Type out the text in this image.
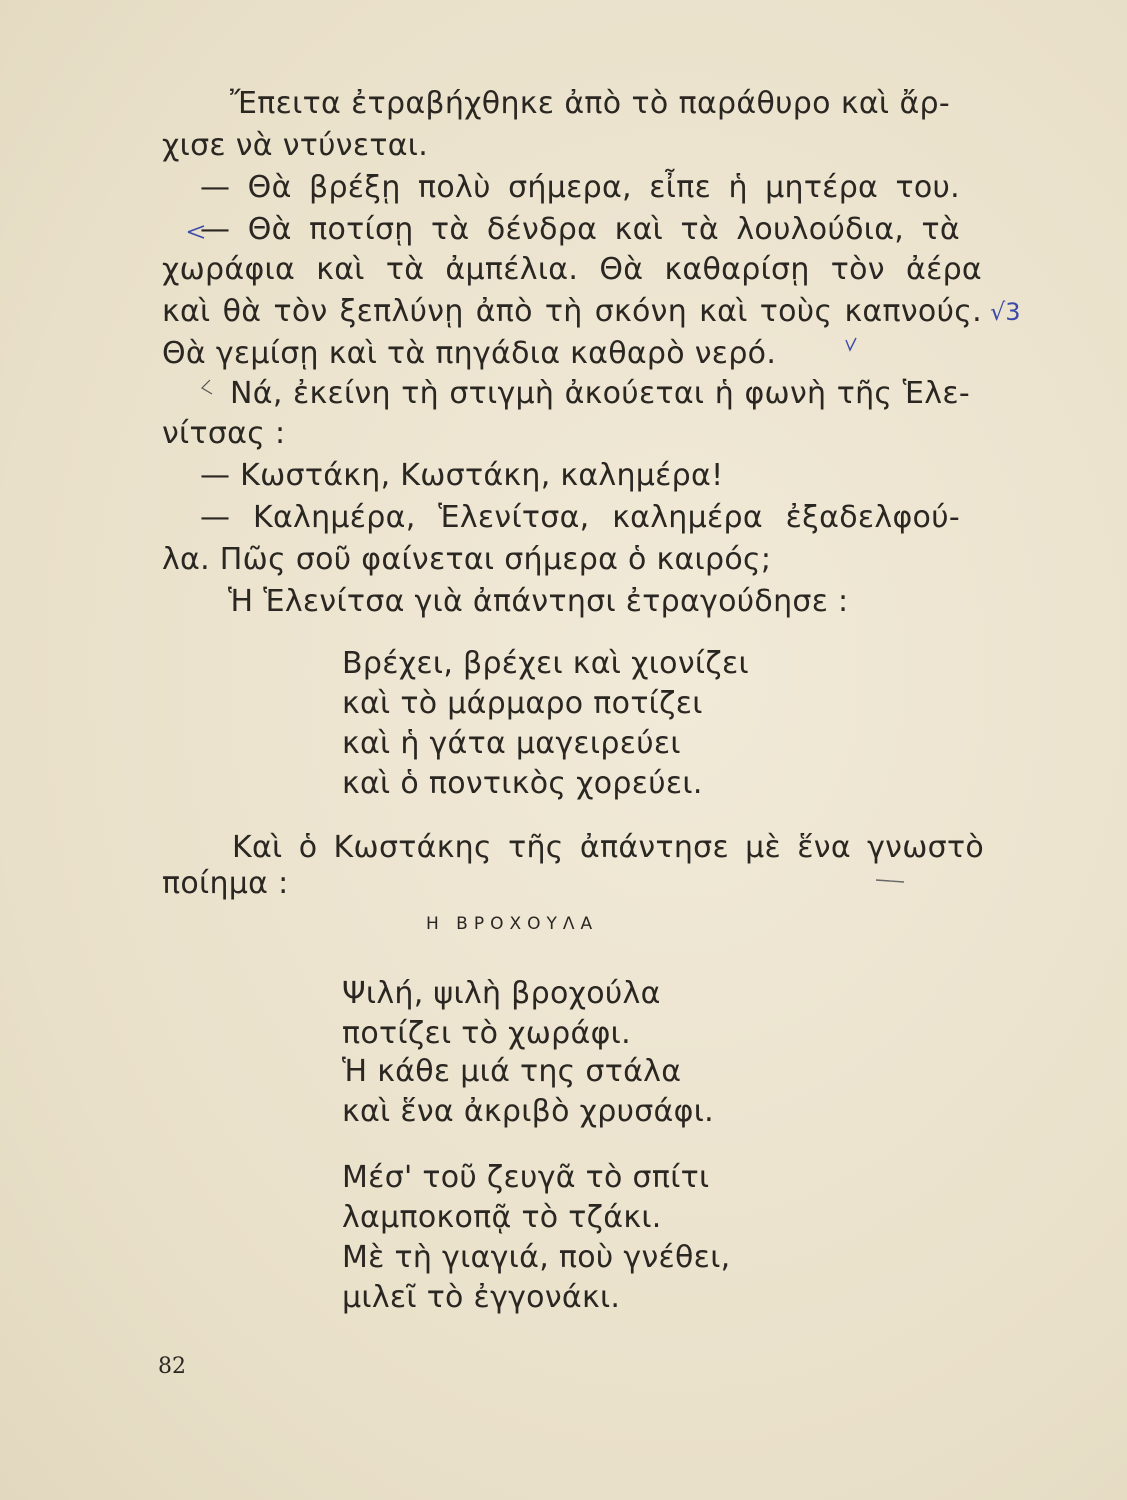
Ἔπειτα ἐτραβήχθηκε ἀπὸ τὸ παράθυρο καὶ ἄρ-
χισε νὰ ντύνεται.
— Θὰ βρέξῃ πολὺ σήμερα, εἶπε ἡ μητέρα του.
— Θὰ ποτίσῃ τὰ δένδρα καὶ τὰ λουλούδια, τὰ
χωράφια καὶ τὰ ἀμπέλια. Θὰ καθαρίσῃ τὸν ἀέρα
καὶ θὰ τὸν ξεπλύνῃ ἀπὸ τὴ σκόνη καὶ τοὺς καπνούς.
Θὰ γεμίσῃ καὶ τὰ πηγάδια καθαρὸ νερό.
Νά, ἐκείνη τὴ στιγμὴ ἀκούεται ἡ φωνὴ τῆς Ἑλε-
νίτσας :
— Κωστάκη, Κωστάκη, καλημέρα!
— Καλημέρα, Ἑλενίτσα, καλημέρα ἐξαδελφού-
λα. Πῶς σοῦ φαίνεται σήμερα ὁ καιρός;
Ἡ Ἑλενίτσα γιὰ ἀπάντησι ἐτραγούδησε :
Βρέχει, βρέχει καὶ χιονίζει
καὶ τὸ μάρμαρο ποτίζει
καὶ ἡ γάτα μαγειρεύει
καὶ ὁ ποντικὸς χορεύει.
Καὶ ὁ Κωστάκης τῆς ἀπάντησε μὲ ἕνα γνωστὸ
ποίημα :
Η ΒΡΟΧΟΥΛΑ
Ψιλή, ψιλὴ βροχούλα
ποτίζει τὸ χωράφι.
Ἡ κάθε μιά της στάλα
καὶ ἕνα ἀκριβὸ χρυσάφι.
Μέσ' τοῦ ζευγᾶ τὸ σπίτι
λαμποκοπᾷ τὸ τζάκι.
Μὲ τὴ γιαγιά, ποὺ γνέθει,
μιλεῖ τὸ ἐγγονάκι.
82
√3
